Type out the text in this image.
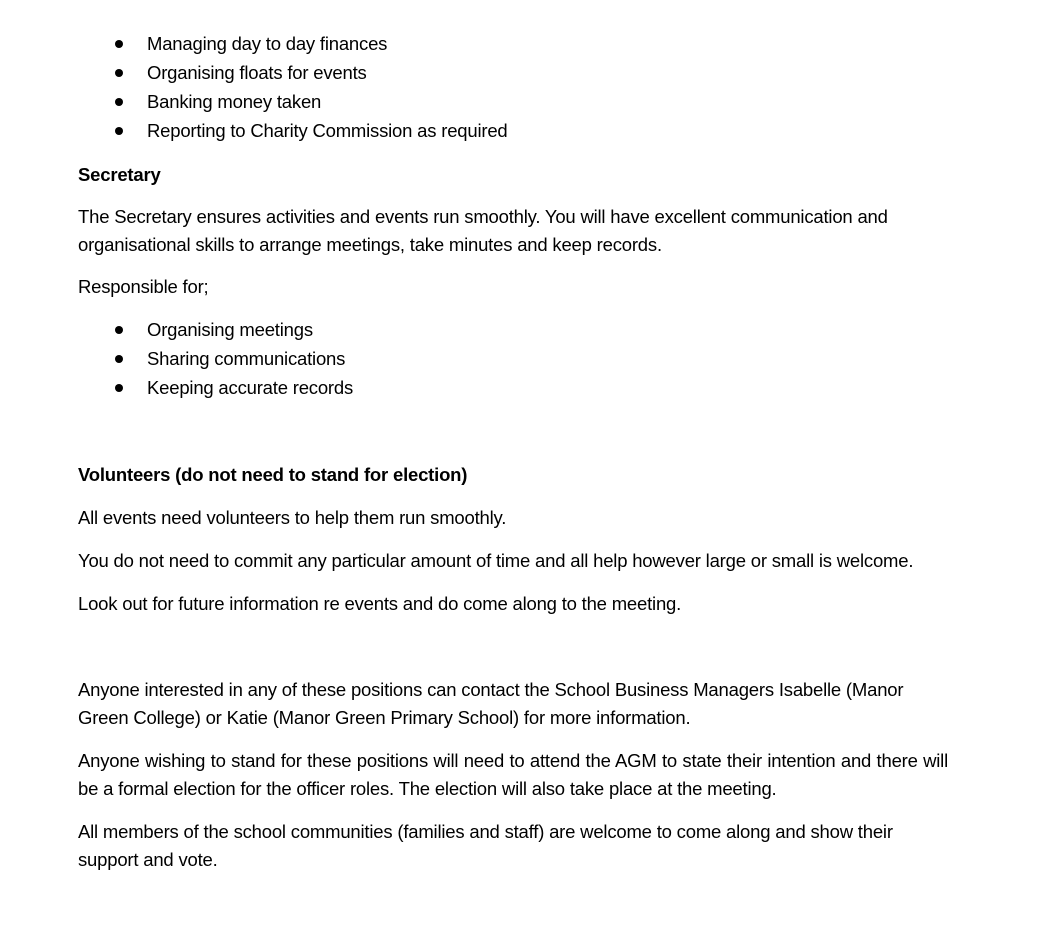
Managing day to day finances
Organising floats for events
Banking money taken
Reporting to Charity Commission as required

Secretary

The Secretary ensures activities and events run smoothly. You will have excellent communication and organisational skills to arrange meetings, take minutes and keep records.

Responsible for;

Organising meetings
Sharing communications
Keeping accurate records

Volunteers (do not need to stand for election)

All events need volunteers to help them run smoothly.

You do not need to commit any particular amount of time and all help however large or small is welcome.

Look out for future information re events and do come along to the meeting.

Anyone interested in any of these positions can contact the School Business Managers Isabelle (Manor Green College) or Katie (Manor Green Primary School) for more information.

Anyone wishing to stand for these positions will need to attend the AGM to state their intention and there will be a formal election for the officer roles. The election will also take place at the meeting.

All members of the school communities (families and staff) are welcome to come along and show their support and vote.
